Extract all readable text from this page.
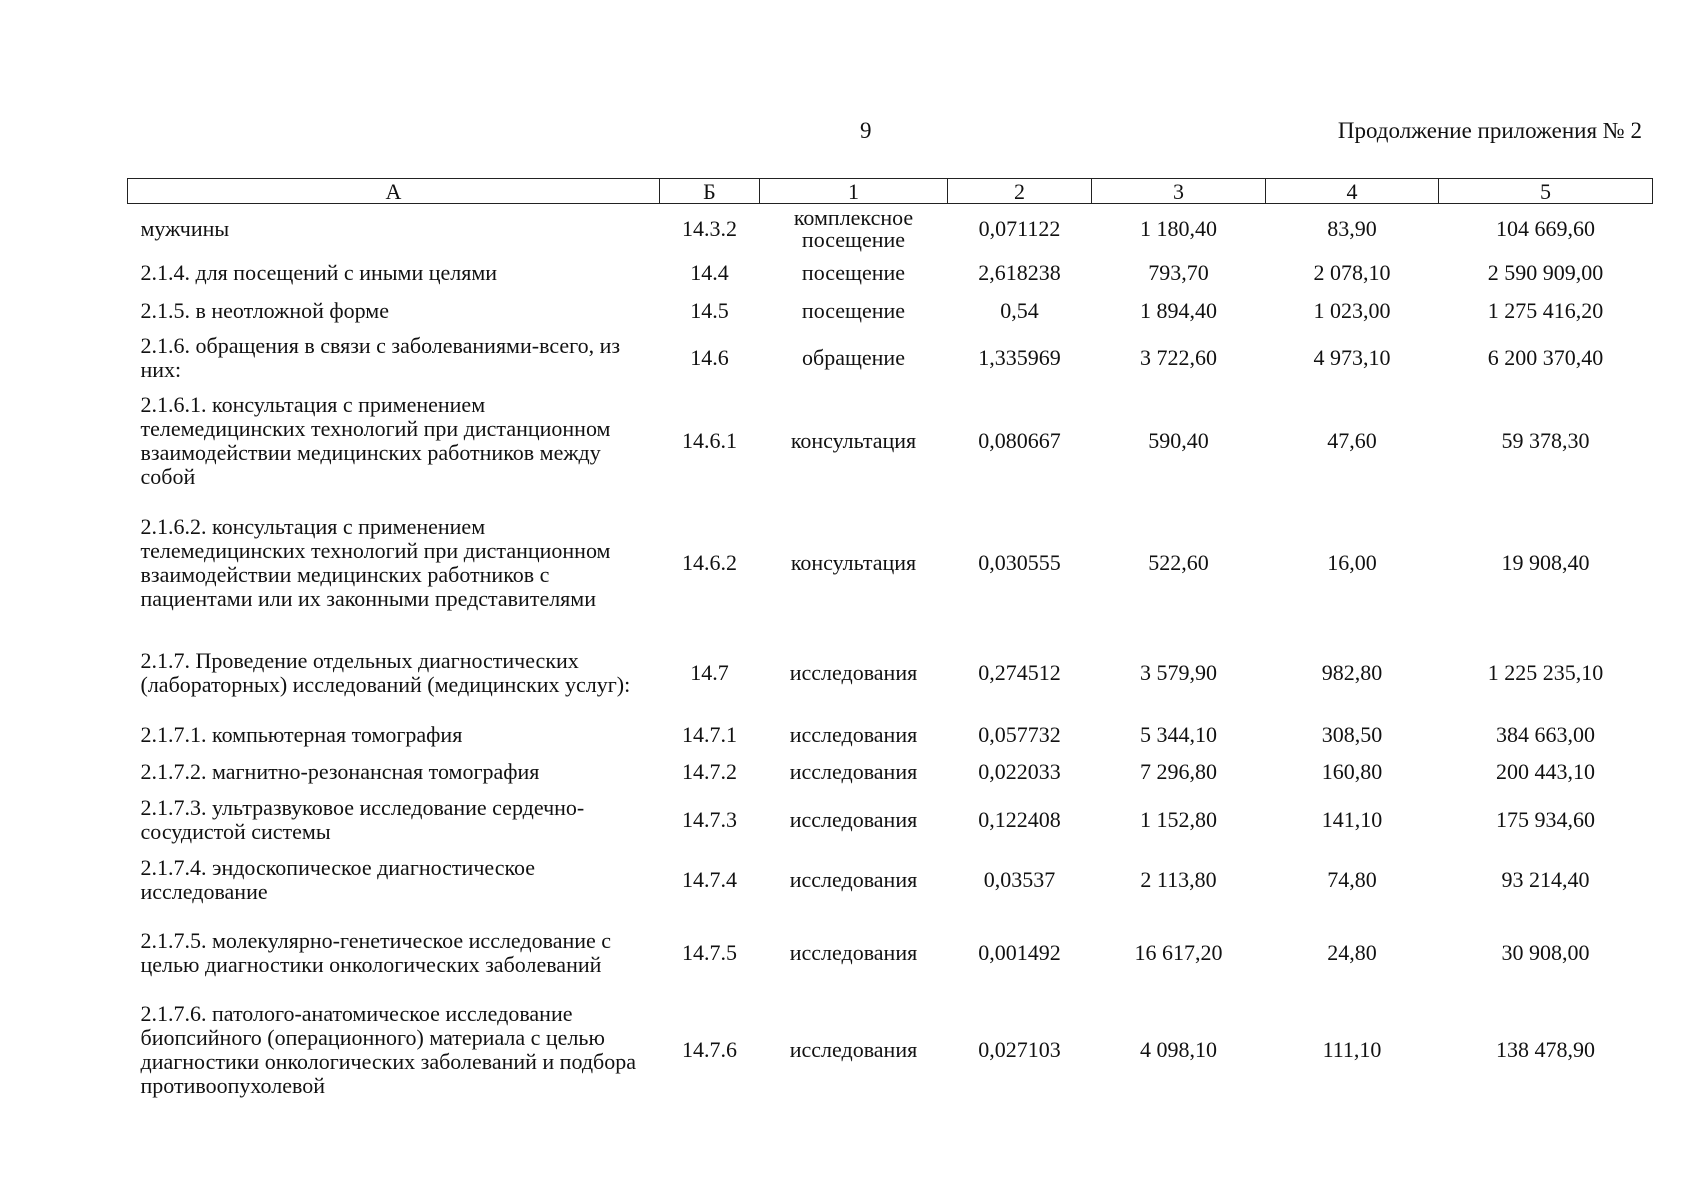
9	Продолжение приложения № 2
А	Б	1	2	3	4	5
мужчины	14.3.2	комплексное посещение	0,071122	1 180,40	83,90	104 669,60
2.1.4. для посещений с иными целями	14.4	посещение	2,618238	793,70	2 078,10	2 590 909,00
2.1.5. в неотложной форме	14.5	посещение	0,54	1 894,40	1 023,00	1 275 416,20
2.1.6. обращения в связи с заболеваниями-всего, из них:	14.6	обращение	1,335969	3 722,60	4 973,10	6 200 370,40
2.1.6.1. консультация с применением телемедицинских технологий при дистанционном взаимодействии медицинских работников между собой	14.6.1	консультация	0,080667	590,40	47,60	59 378,30
2.1.6.2. консультация с применением телемедицинских технологий при дистанционном взаимодействии медицинских работников с пациентами или их законными представителями	14.6.2	консультация	0,030555	522,60	16,00	19 908,40
2.1.7. Проведение отдельных диагностических (лабораторных) исследований (медицинских услуг):	14.7	исследования	0,274512	3 579,90	982,80	1 225 235,10
2.1.7.1. компьютерная томография	14.7.1	исследования	0,057732	5 344,10	308,50	384 663,00
2.1.7.2. магнитно-резонансная томография	14.7.2	исследования	0,022033	7 296,80	160,80	200 443,10
2.1.7.3. ультразвуковое исследование сердечно-сосудистой системы	14.7.3	исследования	0,122408	1 152,80	141,10	175 934,60
2.1.7.4. эндоскопическое диагностическое исследование	14.7.4	исследования	0,03537	2 113,80	74,80	93 214,40
2.1.7.5. молекулярно-генетическое исследование с целью диагностики онкологических заболеваний	14.7.5	исследования	0,001492	16 617,20	24,80	30 908,00
2.1.7.6. патолого-анатомическое исследование биопсийного (операционного) материала с целью диагностики онкологических заболеваний и подбора противоопухолевой	14.7.6	исследования	0,027103	4 098,10	111,10	138 478,90
